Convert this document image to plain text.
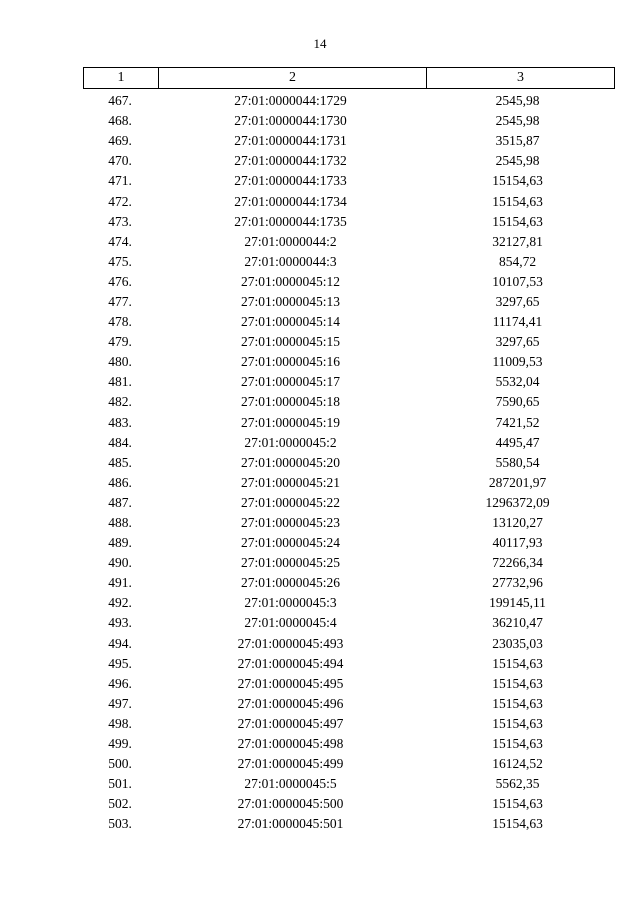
14
1	2	3
467.	27:01:0000044:1729	2545,98
468.	27:01:0000044:1730	2545,98
469.	27:01:0000044:1731	3515,87
470.	27:01:0000044:1732	2545,98
471.	27:01:0000044:1733	15154,63
472.	27:01:0000044:1734	15154,63
473.	27:01:0000044:1735	15154,63
474.	27:01:0000044:2	32127,81
475.	27:01:0000044:3	854,72
476.	27:01:0000045:12	10107,53
477.	27:01:0000045:13	3297,65
478.	27:01:0000045:14	11174,41
479.	27:01:0000045:15	3297,65
480.	27:01:0000045:16	11009,53
481.	27:01:0000045:17	5532,04
482.	27:01:0000045:18	7590,65
483.	27:01:0000045:19	7421,52
484.	27:01:0000045:2	4495,47
485.	27:01:0000045:20	5580,54
486.	27:01:0000045:21	287201,97
487.	27:01:0000045:22	1296372,09
488.	27:01:0000045:23	13120,27
489.	27:01:0000045:24	40117,93
490.	27:01:0000045:25	72266,34
491.	27:01:0000045:26	27732,96
492.	27:01:0000045:3	199145,11
493.	27:01:0000045:4	36210,47
494.	27:01:0000045:493	23035,03
495.	27:01:0000045:494	15154,63
496.	27:01:0000045:495	15154,63
497.	27:01:0000045:496	15154,63
498.	27:01:0000045:497	15154,63
499.	27:01:0000045:498	15154,63
500.	27:01:0000045:499	16124,52
501.	27:01:0000045:5	5562,35
502.	27:01:0000045:500	15154,63
503.	27:01:0000045:501	15154,63
